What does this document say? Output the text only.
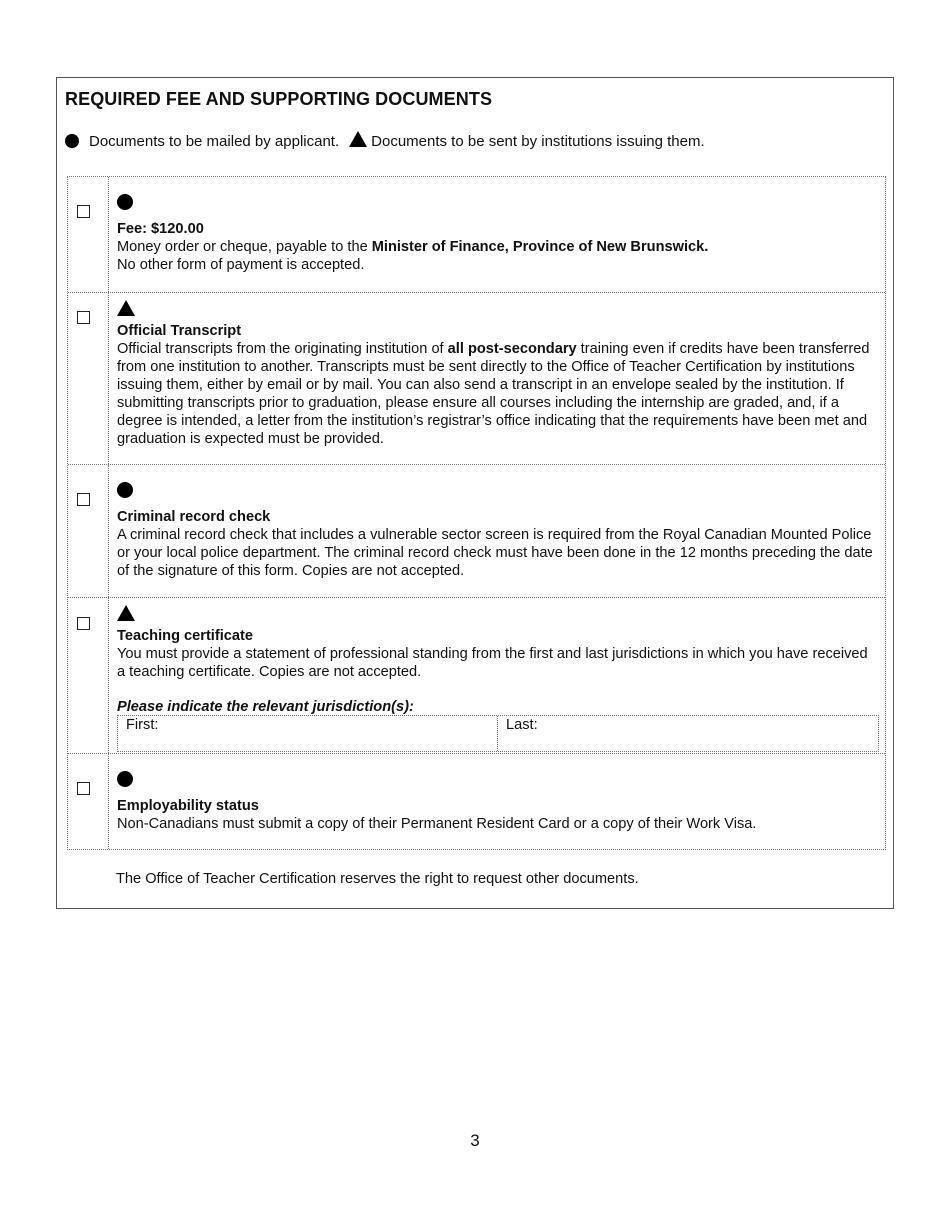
REQUIRED FEE AND SUPPORTING DOCUMENTS
Documents to be mailed by applicant. Documents to be sent by institutions issuing them.

Fee: $120.00

Money order or cheque, payable to the Minister of Finance, Province of New Brunswick.

No other form of payment is accepted.

Official Transcript

Official transcripts from the originating institution of all post-secondary training even if credits have been transferred from one institution to another. Transcripts must be sent directly to the Office of Teacher Certification by institutions issuing them, either by email or by mail. You can also send a transcript in an envelope sealed by the institution. If submitting transcripts prior to graduation, please ensure all courses including the internship are graded, and, if a degree is intended, a letter from the institution’s registrar’s office indicating that the requirements have been met and graduation is expected must be provided.

Criminal record check

A criminal record check that includes a vulnerable sector screen is required from the Royal Canadian Mounted Police or your local police department. The criminal record check must have been done in the 12 months preceding the date of the signature of this form. Copies are not accepted.

Teaching certificate

You must provide a statement of professional standing from the first and last jurisdictions in which you have received a teaching certificate. Copies are not accepted.

Please indicate the relevant jurisdiction(s):

First:	Last:

Employability status

Non-Canadians must submit a copy of their Permanent Resident Card or a copy of their Work Visa.

The Office of Teacher Certification reserves the right to request other documents.

3
